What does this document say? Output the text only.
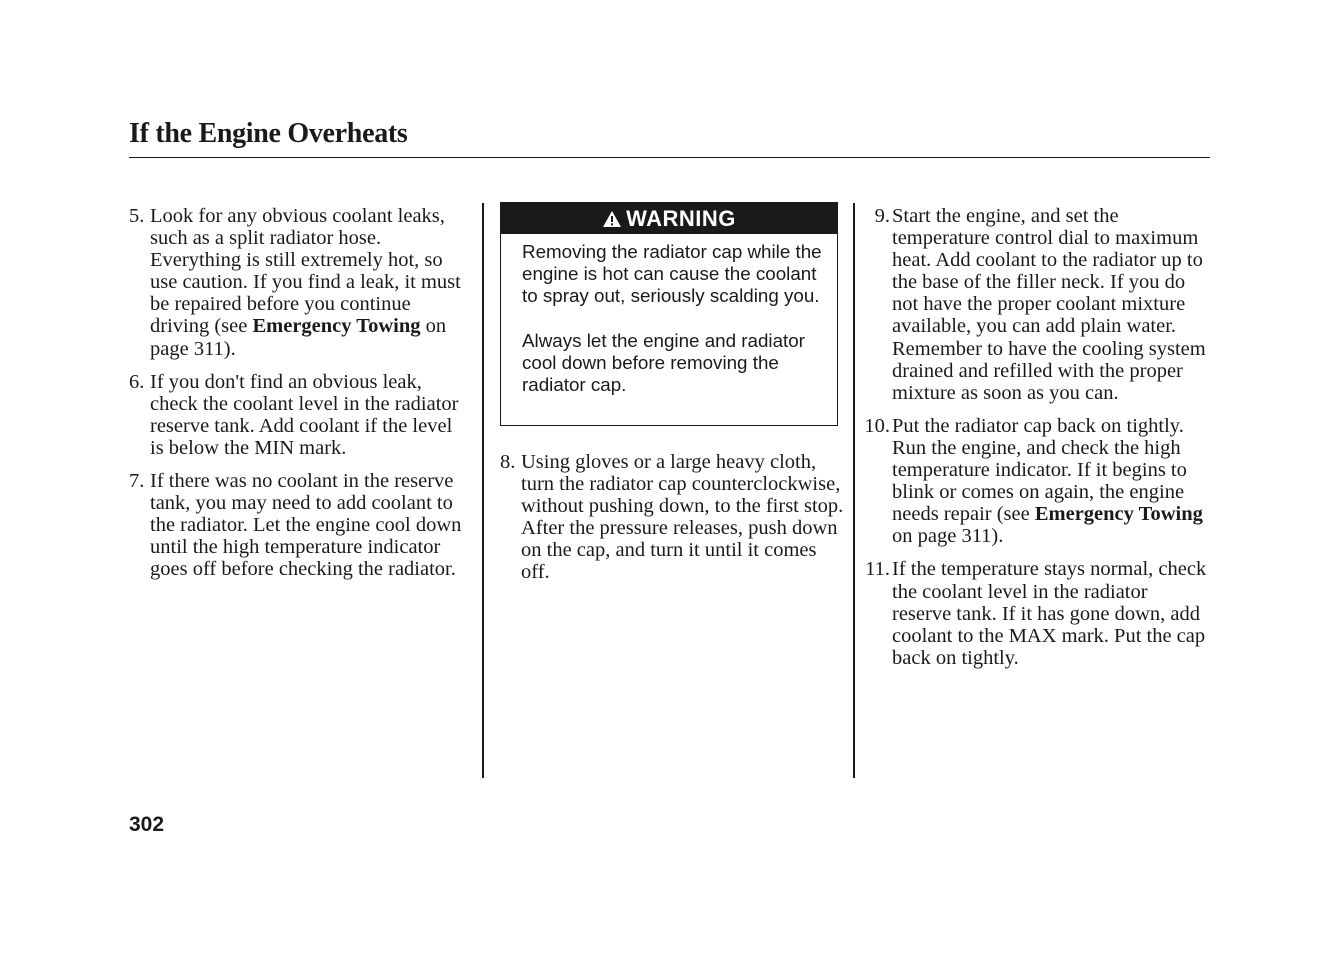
If the Engine Overheats
5. Look for any obvious coolant leaks, such as a split radiator hose. Everything is still extremely hot, so use caution. If you find a leak, it must be repaired before you continue driving (see Emergency Towing on page 311).
6. If you don't find an obvious leak, check the coolant level in the radiator reserve tank. Add coolant if the level is below the MIN mark.
7. If there was no coolant in the reserve tank, you may need to add coolant to the radiator. Let the engine cool down until the high temperature indicator goes off before checking the radiator.
WARNING

Removing the radiator cap while the engine is hot can cause the coolant to spray out, seriously scalding you.

Always let the engine and radiator cool down before removing the radiator cap.

8. Using gloves or a large heavy cloth, turn the radiator cap counterclockwise, without pushing down, to the first stop. After the pressure releases, push down on the cap, and turn it until it comes off.
9. Start the engine, and set the temperature control dial to maximum heat. Add coolant to the radiator up to the base of the filler neck. If you do not have the proper coolant mixture available, you can add plain water. Remember to have the cooling system drained and refilled with the proper mixture as soon as you can.
10. Put the radiator cap back on tightly. Run the engine, and check the high temperature indicator. If it begins to blink or comes on again, the engine needs repair (see Emergency Towing on page 311).
11. If the temperature stays normal, check the coolant level in the radiator reserve tank. If it has gone down, add coolant to the MAX mark. Put the cap back on tightly.
302
